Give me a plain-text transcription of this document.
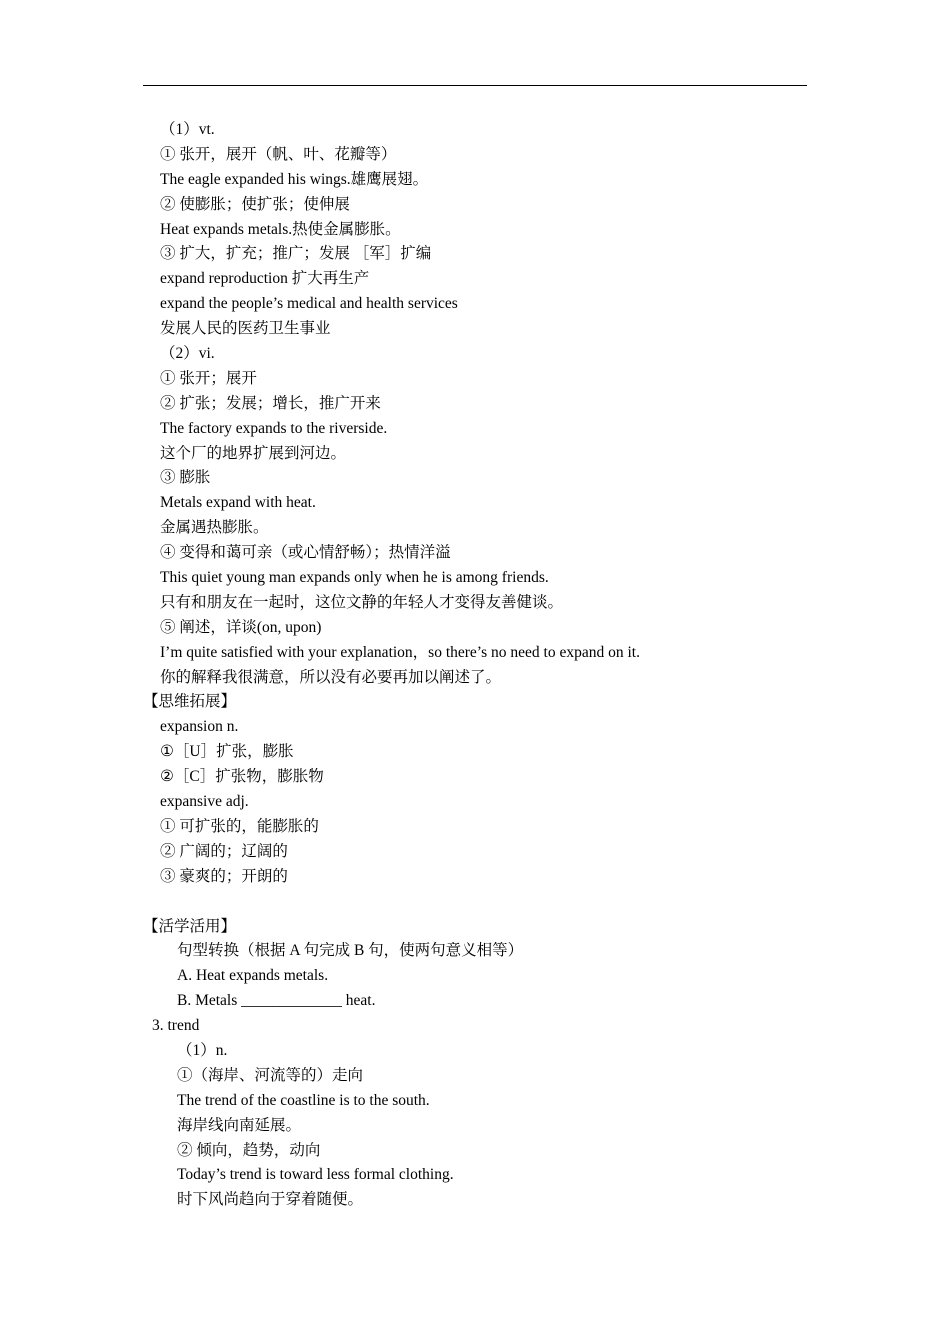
（1）vt.
① 张开，展开（帆、叶、花瓣等）
The eagle expanded his wings.雄鹰展翅。
② 使膨胀；使扩张；使伸展
Heat expands metals.热使金属膨胀。
③ 扩大，扩充；推广；发展 ［军］扩编
expand reproduction 扩大再生产
expand the people’s medical and health services
发展人民的医药卫生事业
（2）vi.
① 张开；展开
② 扩张；发展；增长，推广开来
The factory expands to the riverside.
这个厂的地界扩展到河边。
③ 膨胀
Metals expand with heat.
金属遇热膨胀。
④ 变得和蔼可亲（或心情舒畅）；热情洋溢
This quiet young man expands only when he is among friends.
只有和朋友在一起时，这位文静的年轻人才变得友善健谈。
⑤ 阐述，详谈(on, upon)
I’m quite satisfied with your explanation，so there’s no need to expand on it.
你的解释我很满意，所以没有必要再加以阐述了。
【思维拓展】
expansion n.
①［U］扩张，膨胀
②［C］扩张物，膨胀物
expansive adj.
① 可扩张的，能膨胀的
② 广阔的；辽阔的
③ 豪爽的；开朗的
【活学活用】
句型转换（根据 A 句完成 B 句，使两句意义相等）
A. Heat expands metals.
B. Metals _____________ heat.
3. trend
（1）n.
①（海岸、河流等的）走向
The trend of the coastline is to the south.
海岸线向南延展。
② 倾向，趋势，动向
Today’s trend is toward less formal clothing.
时下风尚趋向于穿着随便。
